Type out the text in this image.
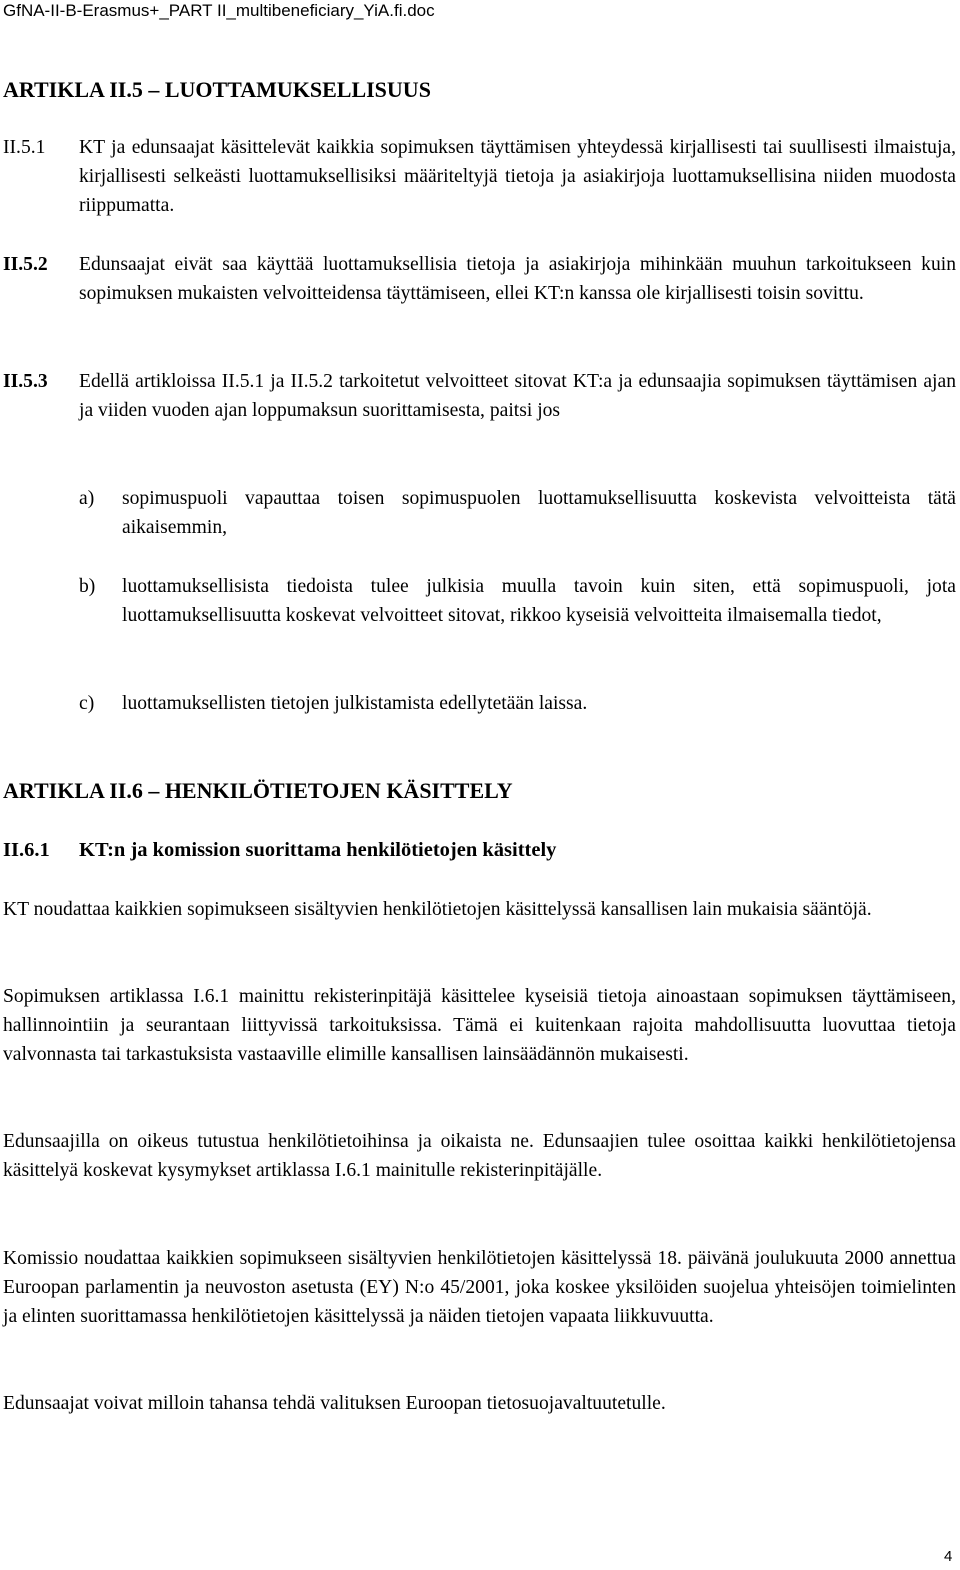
GfNA-II-B-Erasmus+_PART II_multibeneficiary_YiA.fi.doc
ARTIKLA II.5 – LUOTTAMUKSELLISUUS
II.5.1 KT ja edunsaajat käsittelevät kaikkia sopimuksen täyttämisen yhteydessä kirjallisesti tai suullisesti ilmaistuja, kirjallisesti selkeästi luottamuksellisiksi määriteltyjä tietoja ja asiakirjoja luottamuksellisina niiden muodosta riippumatta.
II.5.2 Edunsaajat eivät saa käyttää luottamuksellisia tietoja ja asiakirjoja mihinkään muuhun tarkoitukseen kuin sopimuksen mukaisten velvoitteidensa täyttämiseen, ellei KT:n kanssa ole kirjallisesti toisin sovittu.
II.5.3 Edellä artikloissa II.5.1 ja II.5.2 tarkoitetut velvoitteet sitovat KT:a ja edunsaajia sopimuksen täyttämisen ajan ja viiden vuoden ajan loppumaksun suorittamisesta, paitsi jos
a) sopimuspuoli vapauttaa toisen sopimuspuolen luottamuksellisuutta koskevista velvoitteista tätä aikaisemmin,
b) luottamuksellisista tiedoista tulee julkisia muulla tavoin kuin siten, että sopimuspuoli, jota luottamuksellisuutta koskevat velvoitteet sitovat, rikkoo kyseisiä velvoitteita ilmaisemalla tiedot,
c) luottamuksellisten tietojen julkistamista edellytetään laissa.
ARTIKLA II.6 – HENKILÖTIETOJEN KÄSITTELY
II.6.1 KT:n ja komission suorittama henkilötietojen käsittely
KT noudattaa kaikkien sopimukseen sisältyvien henkilötietojen käsittelyssä kansallisen lain mukaisia sääntöjä.
Sopimuksen artiklassa I.6.1 mainittu rekisterinpitäjä käsittelee kyseisiä tietoja ainoastaan sopimuksen täyttämiseen, hallinnointiin ja seurantaan liittyvissä tarkoituksissa. Tämä ei kuitenkaan rajoita mahdollisuutta luovuttaa tietoja valvonnasta tai tarkastuksista vastaaville elimille kansallisen lainsäädännön mukaisesti.
Edunsaajilla on oikeus tutustua henkilötietoihinsa ja oikaista ne. Edunsaajien tulee osoittaa kaikki henkilötietojensa käsittelyä koskevat kysymykset artiklassa I.6.1 mainitulle rekisterinpitäjälle.
Komissio noudattaa kaikkien sopimukseen sisältyvien henkilötietojen käsittelyssä 18. päivänä joulukuuta 2000 annettua Euroopan parlamentin ja neuvoston asetusta (EY) N:o 45/2001, joka koskee yksilöiden suojelua yhteisöjen toimielinten ja elinten suorittamassa henkilötietojen käsittelyssä ja näiden tietojen vapaata liikkuvuutta.
Edunsaajat voivat milloin tahansa tehdä valituksen Euroopan tietosuojavaltuutetulle.
4
